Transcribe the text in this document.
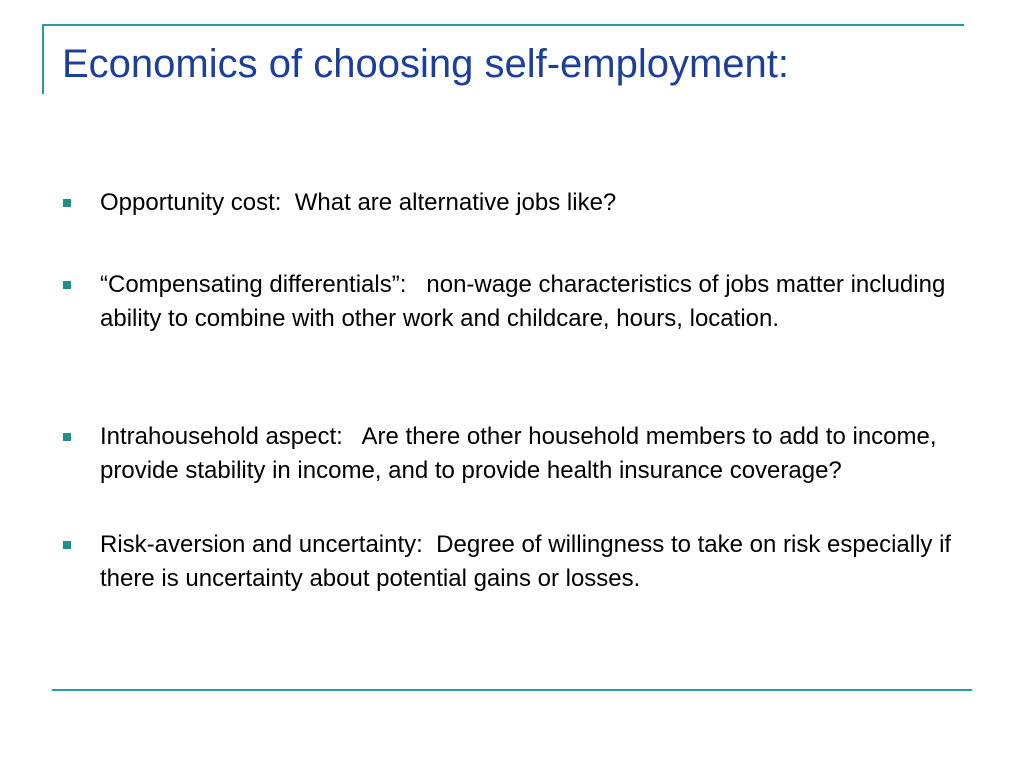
Economics of choosing self-employment:
Opportunity cost: What are alternative jobs like?
“Compensating differentials”: non-wage characteristics of jobs matter including ability to combine with other work and childcare, hours, location.
Intrahousehold aspect: Are there other household members to add to income, provide stability in income, and to provide health insurance coverage?
Risk-aversion and uncertainty: Degree of willingness to take on risk especially if there is uncertainty about potential gains or losses.
